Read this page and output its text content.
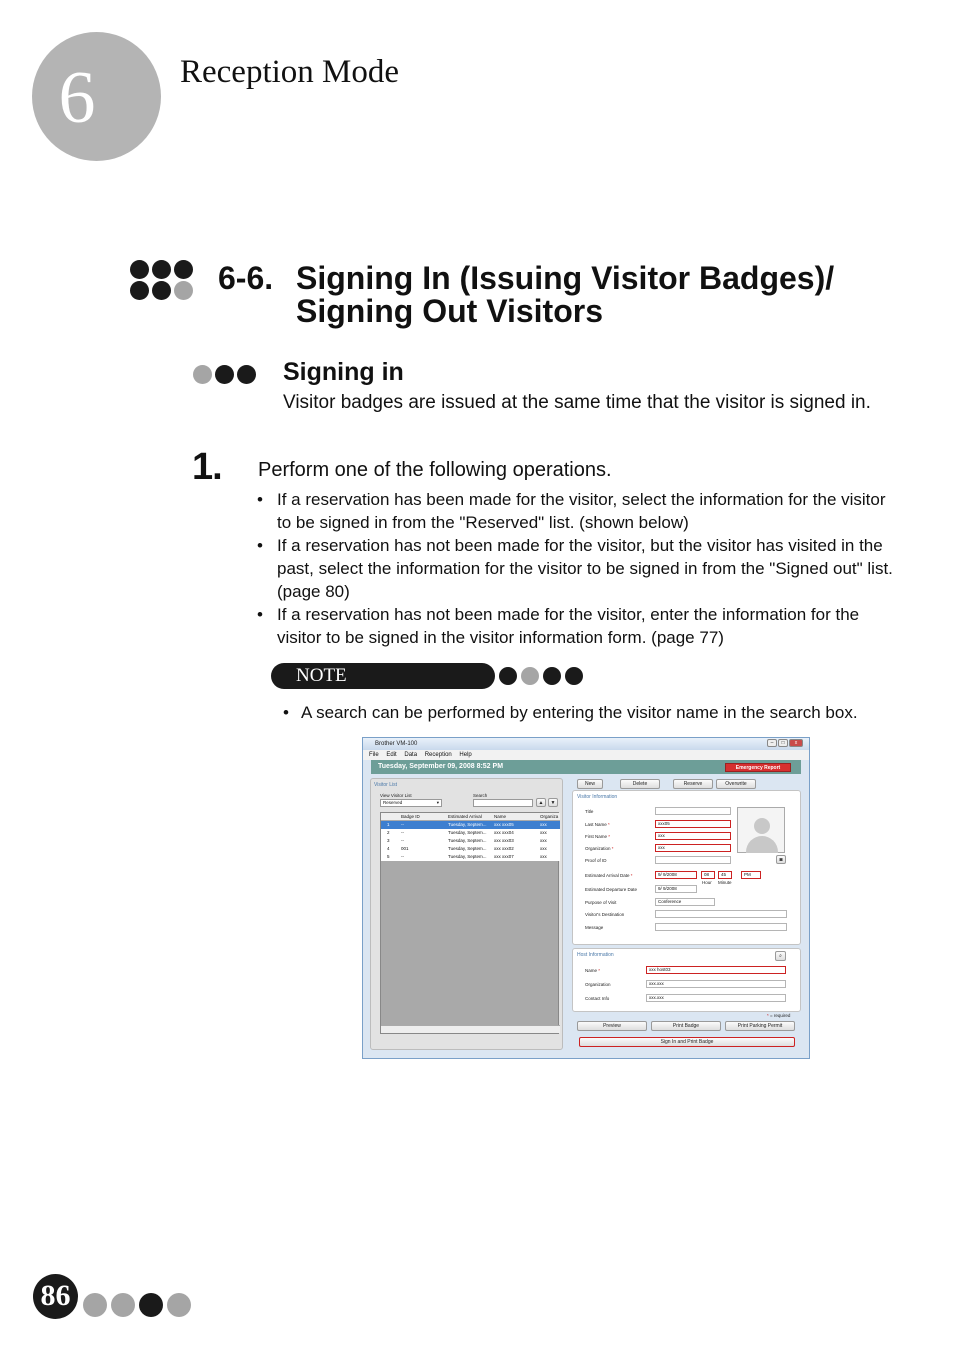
6	Reception Mode
6-6. Signing In (Issuing Visitor Badges)/
Signing Out Visitors
Signing in
Visitor badges are issued at the same time that the visitor is signed in.
1. Perform one of the following operations.
• If a reservation has been made for the visitor, select the information for the visitor to be signed in from the "Reserved" list. (shown below)
• If a reservation has not been made for the visitor, but the visitor has visited in the past, select the information for the visitor to be signed in from the "Signed out" list. (page 80)
• If a reservation has not been made for the visitor, enter the information for the visitor to be signed in the visitor information form. (page 77)
NOTE
• A search can be performed by entering the visitor name in the search box.
Brother VM-100	–	□	x
File Edit Data Reception Help
Tuesday, September 09, 2008 8:52 PM	Emergency Report
Visitor List
View Visitor List
Reserved	▾
Search
▲	▼
Badge ID	Estimated Arrival	Name	Organiza
1	--	Tuesday, Septem... xxx xxx05	xxx
2	--	Tuesday, Septem... xxx xxx04	xxx
3	--	Tuesday, Septem... xxx xxx03	xxx
4	001	Tuesday, Septem... xxx xxx02	xxx
5	--	Tuesday, Septem... xxx xxx07	xxx
New	Delete	Reserve	Overwrite
Visitor Information
Title
Last Name *	xxx05
First Name *	xxx
Organization *	xxx
Proof of ID	◙
Estimated Arrival Date *	9/ 9/2008	08	45	PM
Hour Minute
Estimated Departure Date	9/ 9/2008
Purpose of Visit	Conference
Visitor's Destination
Message
Host Information	⌕
Name *	xxx host03
Organization	xxx.xxx
Contact Info	xxx.xxx
* = required
Preview	Print Badge	Print Parking Permit
Sign In and Print Badge
86
